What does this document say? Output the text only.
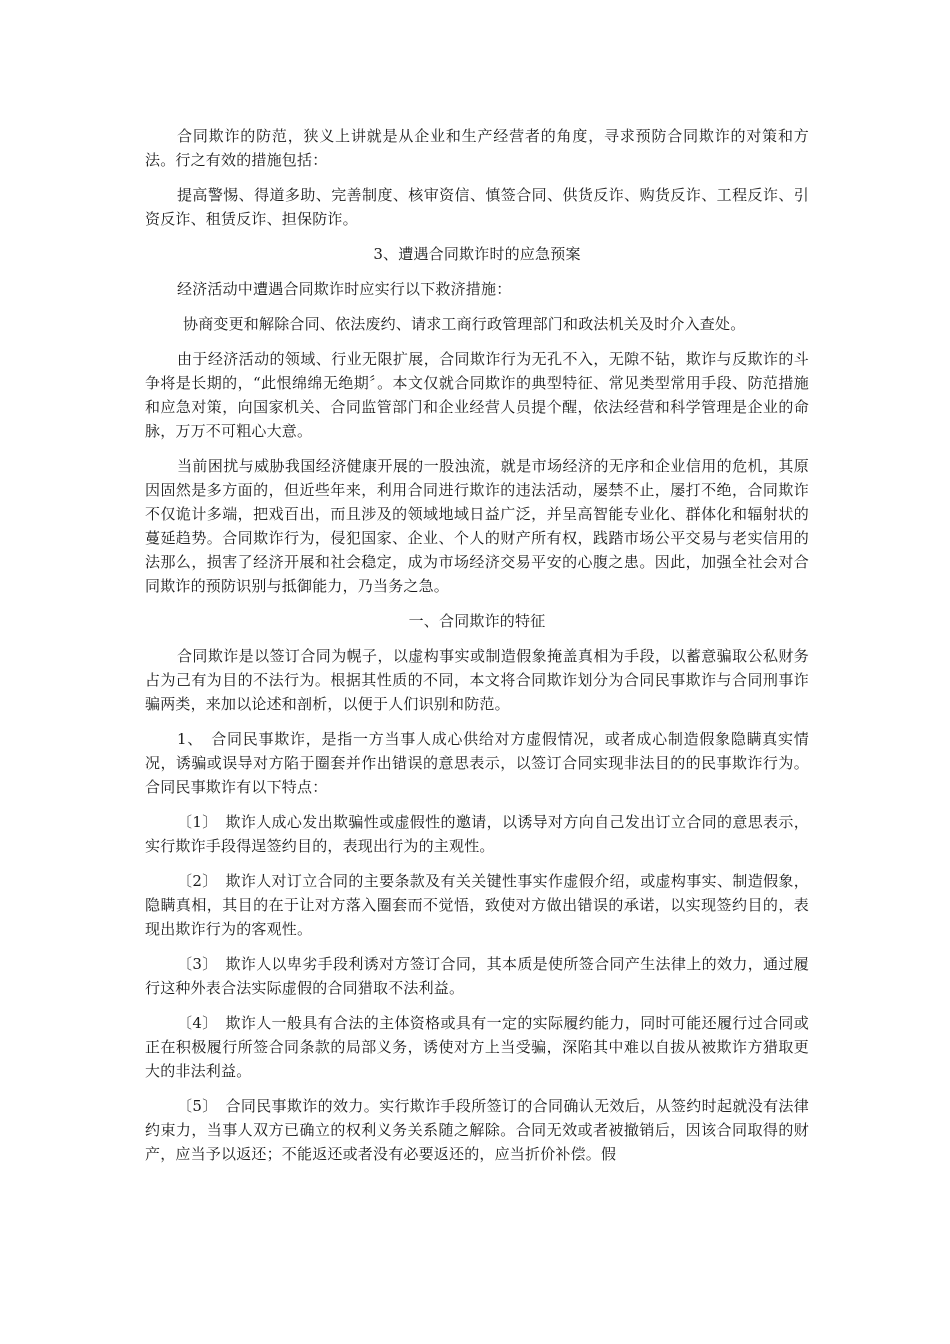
合同欺诈的防范，狭义上讲就是从企业和生产经营者的角度，寻求预防合同欺诈的对策和方法。行之有效的措施包括：

提高警惕、得道多助、完善制度、核审资信、慎签合同、供货反诈、购货反诈、工程反诈、引资反诈、租赁反诈、担保防诈。

3、遭遇合同欺诈时的应急预案

经济活动中遭遇合同欺诈时应实行以下救济措施：

协商变更和解除合同、依法废约、请求工商行政管理部门和政法机关及时介入查处。

由于经济活动的领域、行业无限扩展，合同欺诈行为无孔不入，无隙不钻，欺诈与反欺诈的斗争将是长期的，“此恨绵绵无绝期〞。本文仅就合同欺诈的典型特征、常见类型常用手段、防范措施和应急对策，向国家机关、合同监管部门和企业经营人员提个醒，依法经营和科学管理是企业的命脉，万万不可粗心大意。

当前困扰与威胁我国经济健康开展的一股浊流，就是市场经济的无序和企业信用的危机，其原因固然是多方面的，但近些年来，利用合同进行欺诈的违法活动，屡禁不止，屡打不绝，合同欺诈不仅诡计多端，把戏百出，而且涉及的领域地域日益广泛，并呈高智能专业化、群体化和辐射状的蔓延趋势。合同欺诈行为，侵犯国家、企业、个人的财产所有权，践踏市场公平交易与老实信用的法那么，损害了经济开展和社会稳定，成为市场经济交易平安的心腹之患。因此，加强全社会对合同欺诈的预防识别与抵御能力，乃当务之急。

一、合同欺诈的特征

合同欺诈是以签订合同为幌子，以虚构事实或制造假象掩盖真相为手段，以蓄意骗取公私财务占为己有为目的不法行为。根据其性质的不同，本文将合同欺诈划分为合同民事欺诈与合同刑事诈骗两类，来加以论述和剖析，以便于人们识别和防范。

1、　合同民事欺诈，是指一方当事人成心供给对方虚假情况，或者成心制造假象隐瞒真实情况，诱骗或误导对方陷于圈套并作出错误的意思表示，以签订合同实现非法目的的民事欺诈行为。合同民事欺诈有以下特点：

〔1〕　欺诈人成心发出欺骗性或虚假性的邀请，以诱导对方向自己发出订立合同的意思表示，实行欺诈手段得逞签约目的，表现出行为的主观性。

〔2〕　欺诈人对订立合同的主要条款及有关关键性事实作虚假介绍，或虚构事实、制造假象，隐瞒真相，其目的在于让对方落入圈套而不觉悟，致使对方做出错误的承诺，以实现签约目的，表现出欺诈行为的客观性。

〔3〕　欺诈人以卑劣手段利诱对方签订合同，其本质是使所签合同产生法律上的效力，通过履行这种外表合法实际虚假的合同猎取不法利益。

〔4〕　欺诈人一般具有合法的主体资格或具有一定的实际履约能力，同时可能还履行过合同或正在积极履行所签合同条款的局部义务，诱使对方上当受骗，深陷其中难以自拔从被欺诈方猎取更大的非法利益。

〔5〕　合同民事欺诈的效力。实行欺诈手段所签订的合同确认无效后，从签约时起就没有法律约束力，当事人双方已确立的权利义务关系随之解除。合同无效或者被撤销后，因该合同取得的财产，应当予以返还；不能返还或者没有必要返还的，应当折价补偿。假
